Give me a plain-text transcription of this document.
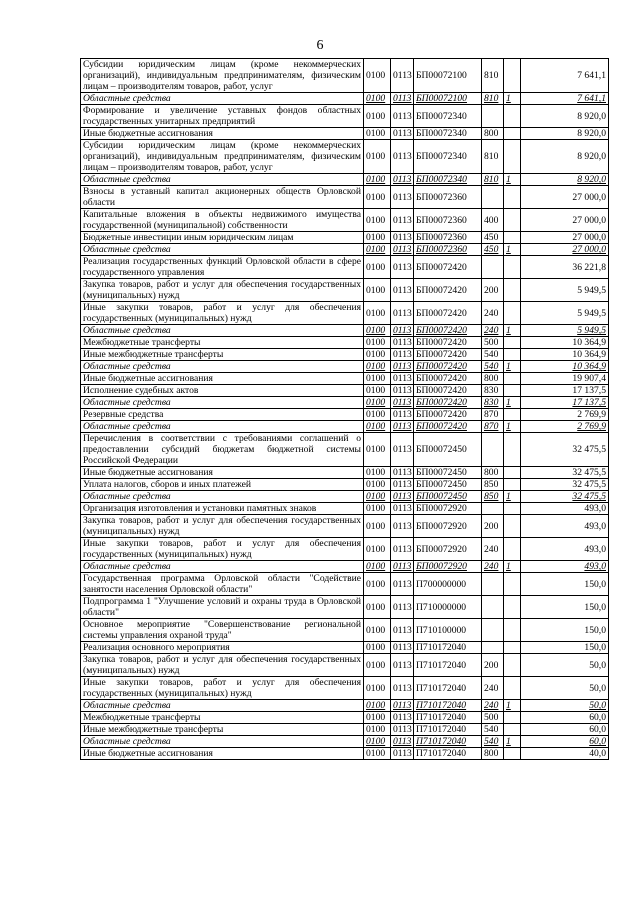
6
Субсидии юридическим лицам (кроме некоммерческих организаций), индивидуальным предпринимателям, физическим лицам – производителям товаров, работ, услуг	0100	0113	БП00072100	810		7 641,1
Областные средства	0100	0113	БП00072100	810	1	7 641,1
Формирование и увеличение уставных фондов областных государственных унитарных предприятий	0100	0113	БП00072340			8 920,0
Иные бюджетные ассигнования	0100	0113	БП00072340	800		8 920,0
Субсидии юридическим лицам (кроме некоммерческих организаций), индивидуальным предпринимателям, физическим лицам – производителям товаров, работ, услуг	0100	0113	БП00072340	810		8 920,0
Областные средства	0100	0113	БП00072340	810	1	8 920,0
Взносы в уставный капитал акционерных обществ Орловской области	0100	0113	БП00072360			27 000,0
Капитальные вложения в объекты недвижимого имущества государственной (муниципальной) собственности	0100	0113	БП00072360	400		27 000,0
Бюджетные инвестиции иным юридическим лицам	0100	0113	БП00072360	450		27 000,0
Областные средства	0100	0113	БП00072360	450	1	27 000,0
Реализация государственных функций Орловской области в сфере государственного управления	0100	0113	БП00072420			36 221,8
Закупка товаров, работ и услуг для обеспечения государственных (муниципальных) нужд	0100	0113	БП00072420	200		5 949,5
Иные закупки товаров, работ и услуг для обеспечения государственных (муниципальных) нужд	0100	0113	БП00072420	240		5 949,5
Областные средства	0100	0113	БП00072420	240	1	5 949,5
Межбюджетные трансферты	0100	0113	БП00072420	500		10 364,9
Иные межбюджетные трансферты	0100	0113	БП00072420	540		10 364,9
Областные средства	0100	0113	БП00072420	540	1	10 364,9
Иные бюджетные ассигнования	0100	0113	БП00072420	800		19 907,4
Исполнение судебных актов	0100	0113	БП00072420	830		17 137,5
Областные средства	0100	0113	БП00072420	830	1	17 137,5
Резервные средства	0100	0113	БП00072420	870		2 769,9
Областные средства	0100	0113	БП00072420	870	1	2 769,9
Перечисления в соответствии с требованиями соглашений о предоставлении субсидий бюджетам бюджетной системы Российской Федерации	0100	0113	БП00072450			32 475,5
Иные бюджетные ассигнования	0100	0113	БП00072450	800		32 475,5
Уплата налогов, сборов и иных платежей	0100	0113	БП00072450	850		32 475,5
Областные средства	0100	0113	БП00072450	850	1	32 475,5
Организация изготовления и установки памятных знаков	0100	0113	БП00072920			493,0
Закупка товаров, работ и услуг для обеспечения государственных (муниципальных) нужд	0100	0113	БП00072920	200		493,0
Иные закупки товаров, работ и услуг для обеспечения государственных (муниципальных) нужд	0100	0113	БП00072920	240		493,0
Областные средства	0100	0113	БП00072920	240	1	493,0
Государственная программа Орловской области "Содействие занятости населения Орловской области"	0100	0113	П700000000			150,0
Подпрограмма 1 "Улучшение условий и охраны труда в Орловской области"	0100	0113	П710000000			150,0
Основное мероприятие "Совершенствование региональной системы управления охраной труда"	0100	0113	П710100000			150,0
Реализация основного мероприятия	0100	0113	П710172040			150,0
Закупка товаров, работ и услуг для обеспечения государственных (муниципальных) нужд	0100	0113	П710172040	200		50,0
Иные закупки товаров, работ и услуг для обеспечения государственных (муниципальных) нужд	0100	0113	П710172040	240		50,0
Областные средства	0100	0113	П710172040	240	1	50,0
Межбюджетные трансферты	0100	0113	П710172040	500		60,0
Иные межбюджетные трансферты	0100	0113	П710172040	540		60,0
Областные средства	0100	0113	П710172040	540	1	60,0
Иные бюджетные ассигнования	0100	0113	П710172040	800		40,0
